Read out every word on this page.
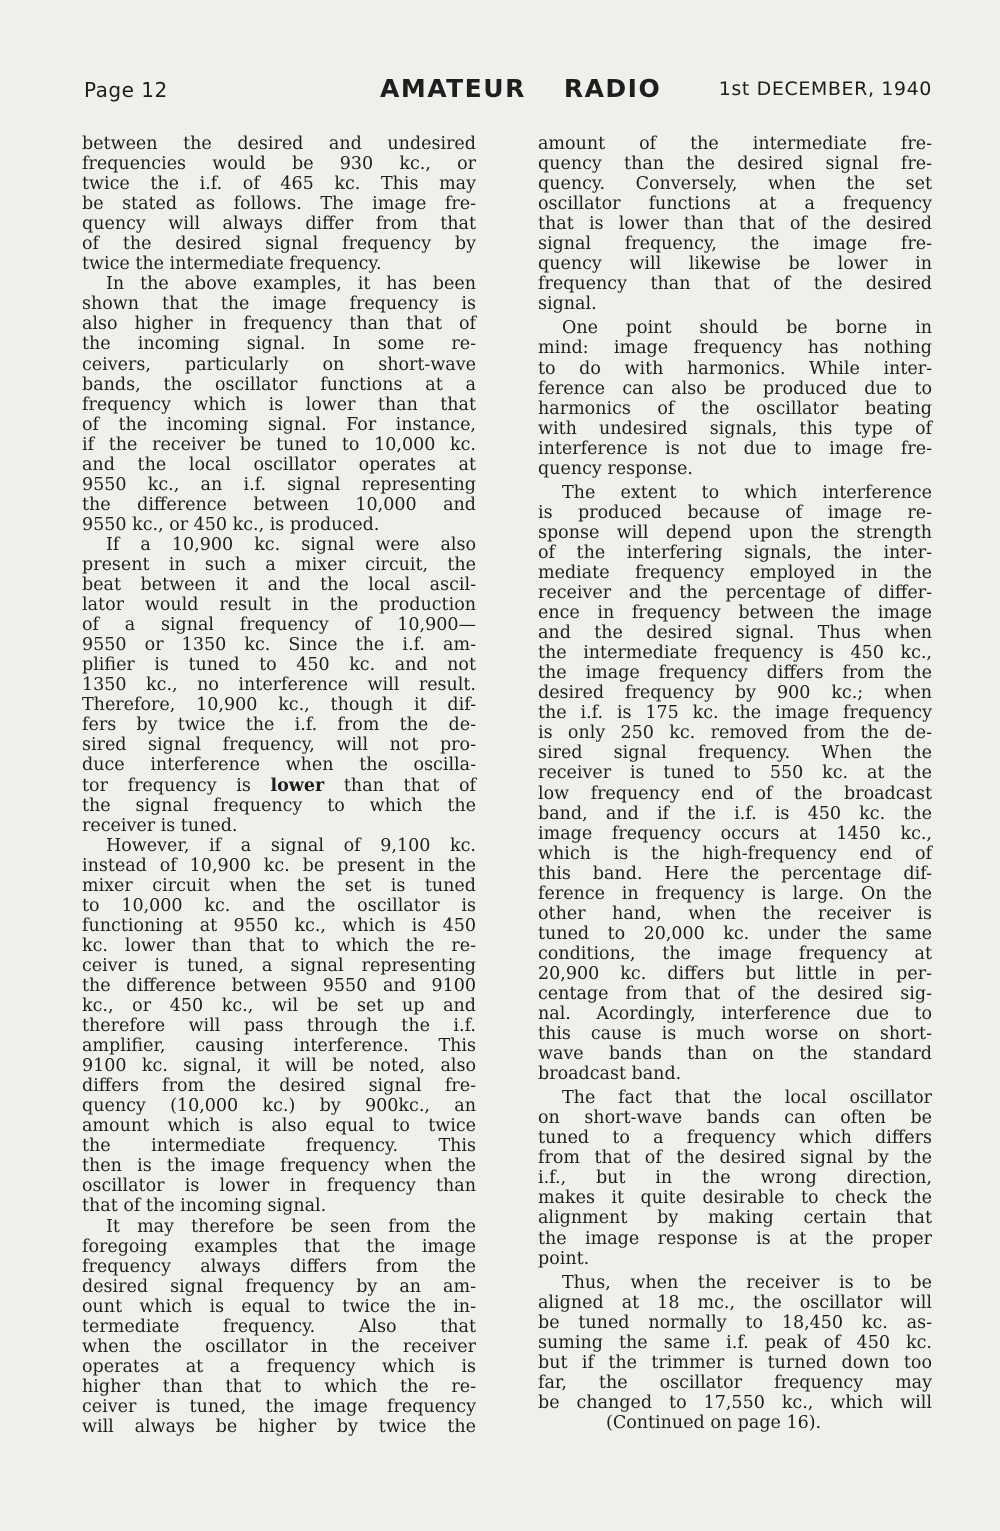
Page 12	AMATEUR RADIO	1st DECEMBER, 1940
between the desired and undesired
frequencies would be 930 kc., or
twice the i.f. of 465 kc. This may
be stated as follows. The image fre-
quency will always differ from that
of the desired signal frequency by
twice the intermediate frequency.
In the above examples, it has been
shown that the image frequency is
also higher in frequency than that of
the incoming signal. In some re-
ceivers, particularly on short-wave
bands, the oscillator functions at a
frequency which is lower than that
of the incoming signal. For instance,
if the receiver be tuned to 10,000 kc.
and the local oscillator operates at
9550 kc., an i.f. signal representing
the difference between 10,000 and
9550 kc., or 450 kc., is produced.
If a 10,900 kc. signal were also
present in such a mixer circuit, the
beat between it and the local ascil-
lator would result in the production
of a signal frequency of 10,900—
9550 or 1350 kc. Since the i.f. am-
plifier is tuned to 450 kc. and not
1350 kc., no interference will result.
Therefore, 10,900 kc., though it dif-
fers by twice the i.f. from the de-
sired signal frequency, will not pro-
duce interference when the oscilla-
tor frequency is lower than that of
the signal frequency to which the
receiver is tuned.
However, if a signal of 9,100 kc.
instead of 10,900 kc. be present in the
mixer circuit when the set is tuned
to 10,000 kc. and the oscillator is
functioning at 9550 kc., which is 450
kc. lower than that to which the re-
ceiver is tuned, a signal representing
the difference between 9550 and 9100
kc., or 450 kc., wil be set up and
therefore will pass through the i.f.
amplifier, causing interference. This
9100 kc. signal, it will be noted, also
differs from the desired signal fre-
quency (10,000 kc.) by 900kc., an
amount which is also equal to twice
the intermediate frequency. This
then is the image frequency when the
oscillator is lower in frequency than
that of the incoming signal.
It may therefore be seen from the
foregoing examples that the image
frequency always differs from the
desired signal frequency by an am-
ount which is equal to twice the in-
termediate frequency. Also that
when the oscillator in the receiver
operates at a frequency which is
higher than that to which the re-
ceiver is tuned, the image frequency
will always be higher by twice the
amount of the intermediate fre-
quency than the desired signal fre-
quency. Conversely, when the set
oscillator functions at a frequency
that is lower than that of the desired
signal frequency, the image fre-
quency will likewise be lower in
frequency than that of the desired
signal.
One point should be borne in
mind: image frequency has nothing
to do with harmonics. While inter-
ference can also be produced due to
harmonics of the oscillator beating
with undesired signals, this type of
interference is not due to image fre-
quency response.
The extent to which interference
is produced because of image re-
sponse will depend upon the strength
of the interfering signals, the inter-
mediate frequency employed in the
receiver and the percentage of differ-
ence in frequency between the image
and the desired signal. Thus when
the intermediate frequency is 450 kc.,
the image frequency differs from the
desired frequency by 900 kc.; when
the i.f. is 175 kc. the image frequency
is only 250 kc. removed from the de-
sired signal frequency. When the
receiver is tuned to 550 kc. at the
low frequency end of the broadcast
band, and if the i.f. is 450 kc. the
image frequency occurs at 1450 kc.,
which is the high-frequency end of
this band. Here the percentage dif-
ference in frequency is large. On the
other hand, when the receiver is
tuned to 20,000 kc. under the same
conditions, the image frequency at
20,900 kc. differs but little in per-
centage from that of the desired sig-
nal. Acordingly, interference due to
this cause is much worse on short-
wave bands than on the standard
broadcast band.
The fact that the local oscillator
on short-wave bands can often be
tuned to a frequency which differs
from that of the desired signal by the
i.f., but in the wrong direction,
makes it quite desirable to check the
alignment by making certain that
the image response is at the proper
point.
Thus, when the receiver is to be
aligned at 18 mc., the oscillator will
be tuned normally to 18,450 kc. as-
suming the same i.f. peak of 450 kc.
but if the trimmer is turned down too
far, the oscillator frequency may
be changed to 17,550 kc., which will
(Continued on page 16).
